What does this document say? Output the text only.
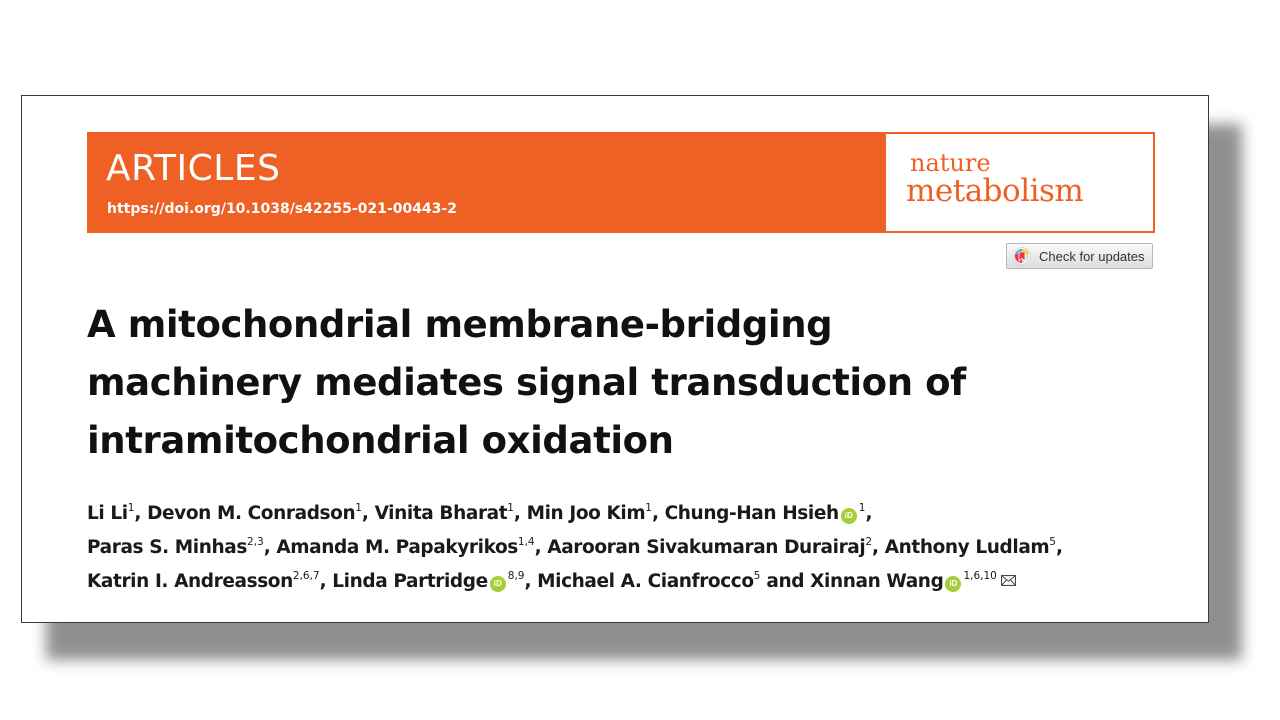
ARTICLES
https://doi.org/10.1038/s42255-021-00443-2
nature
metabolism
Check for updates
A mitochondrial membrane-bridging
machinery mediates signal transduction of
intramitochondrial oxidation

Li Li$^1$, Devon M. Conradson$^1$, Vinita Bharat$^1$, Min Joo Kim$^1$, Chung-Han Hsieh $iD^1$,
Paras S. Minhas$^{2,3}$, Amanda M. Papakyrikos$^{1,4}$, Aarooran Sivakumaran Durairaj$^2$, Anthony Ludlam$^5$,
Katrin I. Andreasson$^{2,6,7}$, Linda Partridge iD$^{8,9}$, Michael A. Cianfrocco$^5$ and Xinnan Wang iD$^{1,6,10}$
